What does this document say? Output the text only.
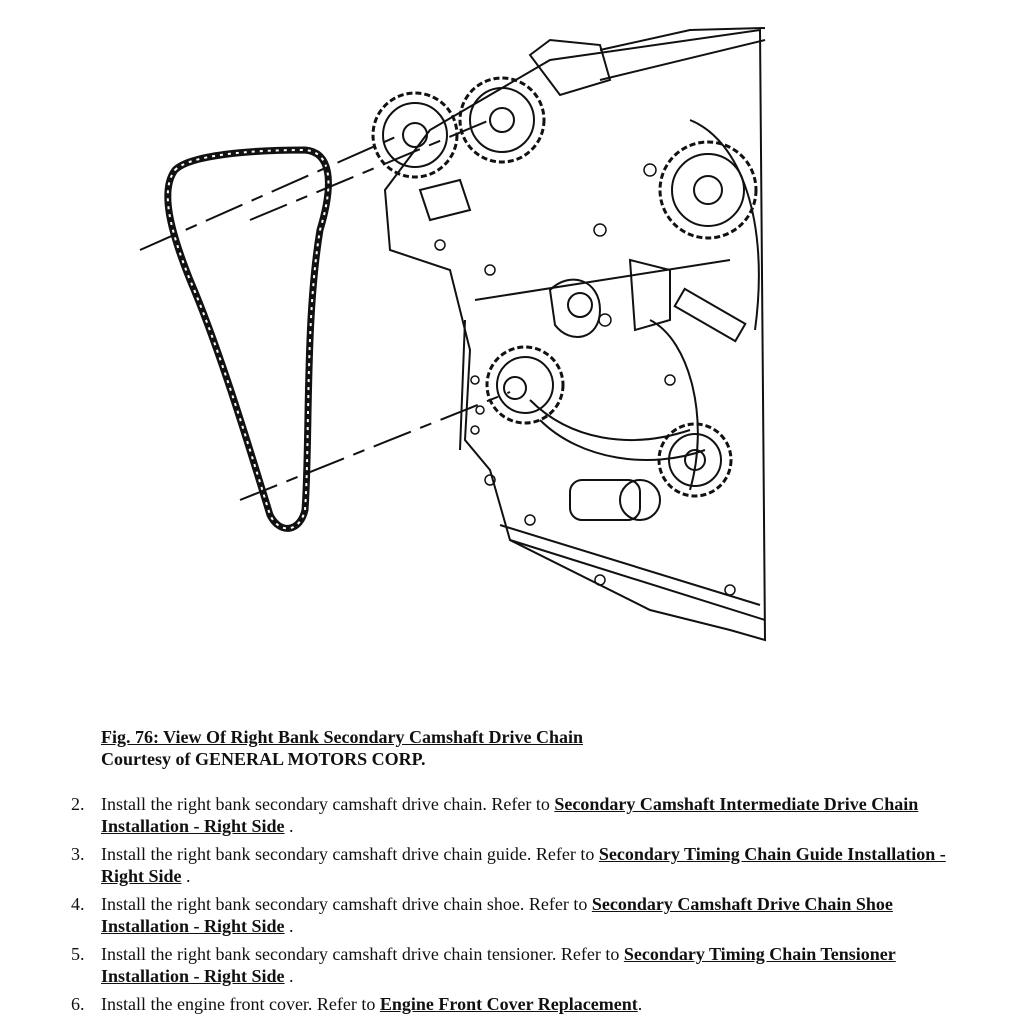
Fig. 76: View Of Right Bank Secondary Camshaft Drive Chain
Courtesy of GENERAL MOTORS CORP.
2. Install the right bank secondary camshaft drive chain. Refer to Secondary Camshaft Intermediate Drive Chain Installation - Right Side .
3. Install the right bank secondary camshaft drive chain guide. Refer to Secondary Timing Chain Guide Installation - Right Side .
4. Install the right bank secondary camshaft drive chain shoe. Refer to Secondary Camshaft Drive Chain Shoe Installation - Right Side .
5. Install the right bank secondary camshaft drive chain tensioner. Refer to Secondary Timing Chain Tensioner Installation - Right Side .
6. Install the engine front cover. Refer to Engine Front Cover Replacement.
